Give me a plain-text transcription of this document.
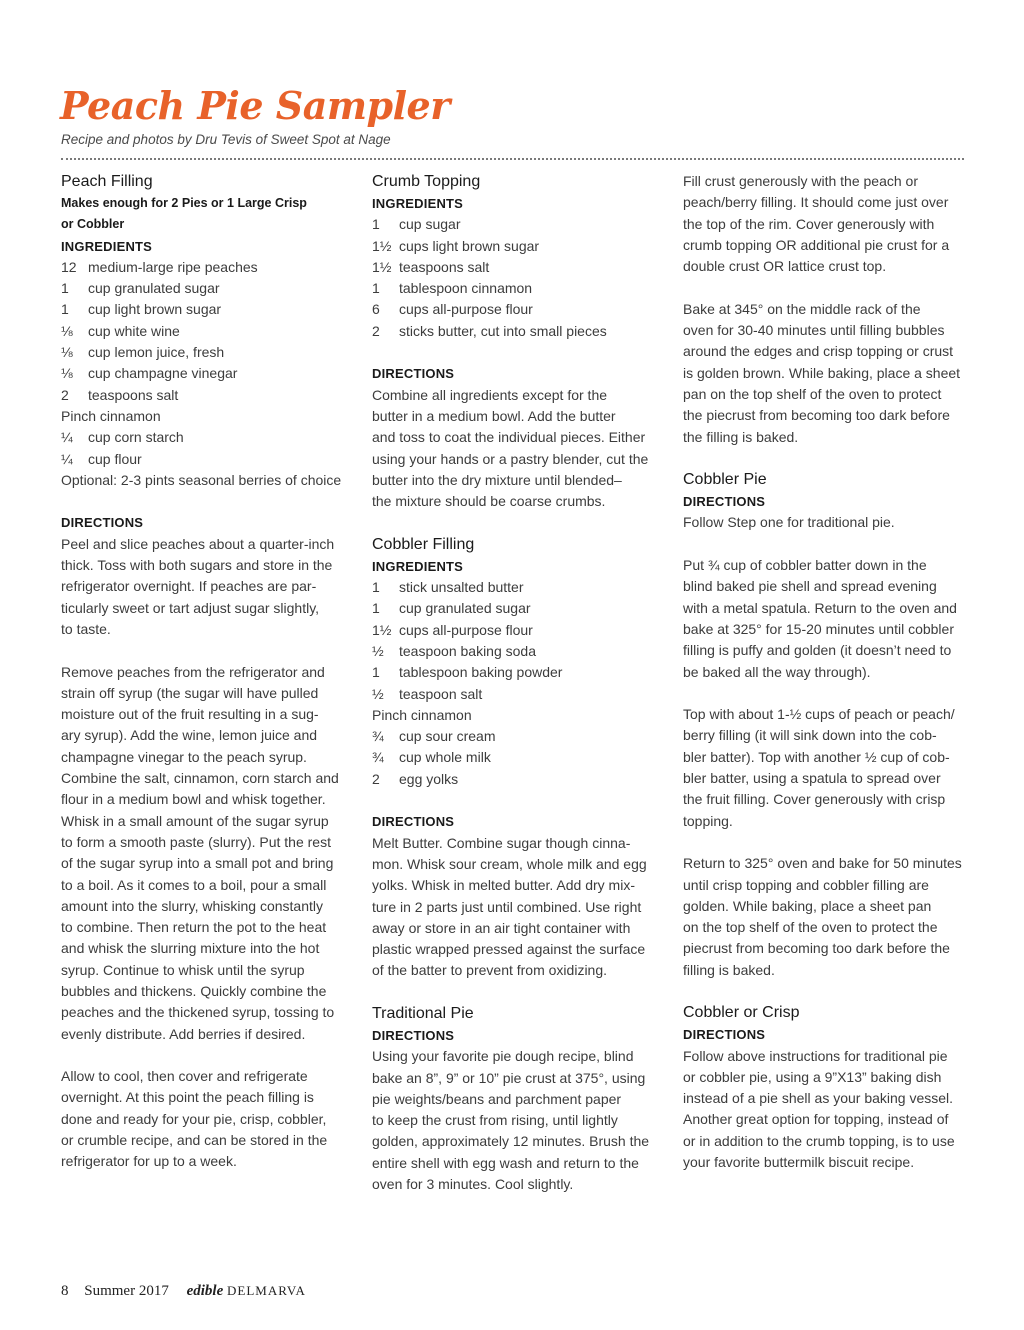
Peach Pie Sampler
Recipe and photos by Dru Tevis of Sweet Spot at Nage
Peach Filling
Makes enough for 2 Pies or 1 Large Crisp
or Cobbler
INGREDIENTS
12 medium-large ripe peaches
1	cup granulated sugar
1	cup light brown sugar
⅛	cup white wine
⅛	cup lemon juice, fresh
⅛	cup champagne vinegar
2	teaspoons salt
Pinch cinnamon
¼	cup corn starch
¼	cup flour
Optional: 2-3 pints seasonal berries of choice
DIRECTIONS
Peel and slice peaches about a quarter-inch
thick. Toss with both sugars and store in the
refrigerator overnight. If peaches are par-
ticularly sweet or tart adjust sugar slightly,
to taste.
Remove peaches from the refrigerator and
strain off syrup (the sugar will have pulled
moisture out of the fruit resulting in a sug-
ary syrup). Add the wine, lemon juice and
champagne vinegar to the peach syrup.
Combine the salt, cinnamon, corn starch and
flour in a medium bowl and whisk together.
Whisk in a small amount of the sugar syrup
to form a smooth paste (slurry). Put the rest
of the sugar syrup into a small pot and bring
to a boil. As it comes to a boil, pour a small
amount into the slurry, whisking constantly
to combine. Then return the pot to the heat
and whisk the slurring mixture into the hot
syrup. Continue to whisk until the syrup
bubbles and thickens. Quickly combine the
peaches and the thickened syrup, tossing to
evenly distribute. Add berries if desired.
Allow to cool, then cover and refrigerate
overnight. At this point the peach filling is
done and ready for your pie, crisp, cobbler,
or crumble recipe, and can be stored in the
refrigerator for up to a week.
Crumb Topping
INGREDIENTS
1	cup sugar
1½ cups light brown sugar
1½ teaspoons salt
1	tablespoon cinnamon
6	cups all-purpose flour
2	sticks butter, cut into small pieces
DIRECTIONS
Combine all ingredients except for the
butter in a medium bowl. Add the butter
and toss to coat the individual pieces. Either
using your hands or a pastry blender, cut the
butter into the dry mixture until blended–
the mixture should be coarse crumbs.
Cobbler Filling
INGREDIENTS
1	stick unsalted butter
1	cup granulated sugar
1½ cups all-purpose flour
½	teaspoon baking soda
1	tablespoon baking powder
½	teaspoon salt
Pinch cinnamon
¾	cup sour cream
¾	cup whole milk
2	egg yolks
DIRECTIONS
Melt Butter. Combine sugar though cinna-
mon. Whisk sour cream, whole milk and egg
yolks. Whisk in melted butter. Add dry mix-
ture in 2 parts just until combined. Use right
away or store in an air tight container with
plastic wrapped pressed against the surface
of the batter to prevent from oxidizing.
Traditional Pie
DIRECTIONS
Using your favorite pie dough recipe, blind
bake an 8”, 9” or 10” pie crust at 375°, using
pie weights/beans and parchment paper
to keep the crust from rising, until lightly
golden, approximately 12 minutes. Brush the
entire shell with egg wash and return to the
oven for 3 minutes. Cool slightly.
Fill crust generously with the peach or
peach/berry filling. It should come just over
the top of the rim. Cover generously with
crumb topping OR additional pie crust for a
double crust OR lattice crust top.
Bake at 345° on the middle rack of the
oven for 30-40 minutes until filling bubbles
around the edges and crisp topping or crust
is golden brown. While baking, place a sheet
pan on the top shelf of the oven to protect
the piecrust from becoming too dark before
the filling is baked.
Cobbler Pie
DIRECTIONS
Follow Step one for traditional pie.
Put ¾ cup of cobbler batter down in the
blind baked pie shell and spread evening
with a metal spatula. Return to the oven and
bake at 325° for 15-20 minutes until cobbler
filling is puffy and golden (it doesn’t need to
be baked all the way through).
Top with about 1-½ cups of peach or peach/
berry filling (it will sink down into the cob-
bler batter). Top with another ½ cup of cob-
bler batter, using a spatula to spread over
the fruit filling. Cover generously with crisp
topping.
Return to 325° oven and bake for 50 minutes
until crisp topping and cobbler filling are
golden. While baking, place a sheet pan
on the top shelf of the oven to protect the
piecrust from becoming too dark before the
filling is baked.
Cobbler or Crisp
DIRECTIONS
Follow above instructions for traditional pie
or cobbler pie, using a 9”X13” baking dish
instead of a pie shell as your baking vessel.
Another great option for topping, instead of
or in addition to the crumb topping, is to use
your favorite buttermilk biscuit recipe.
8 Summer 2017 edible DELMARVA
